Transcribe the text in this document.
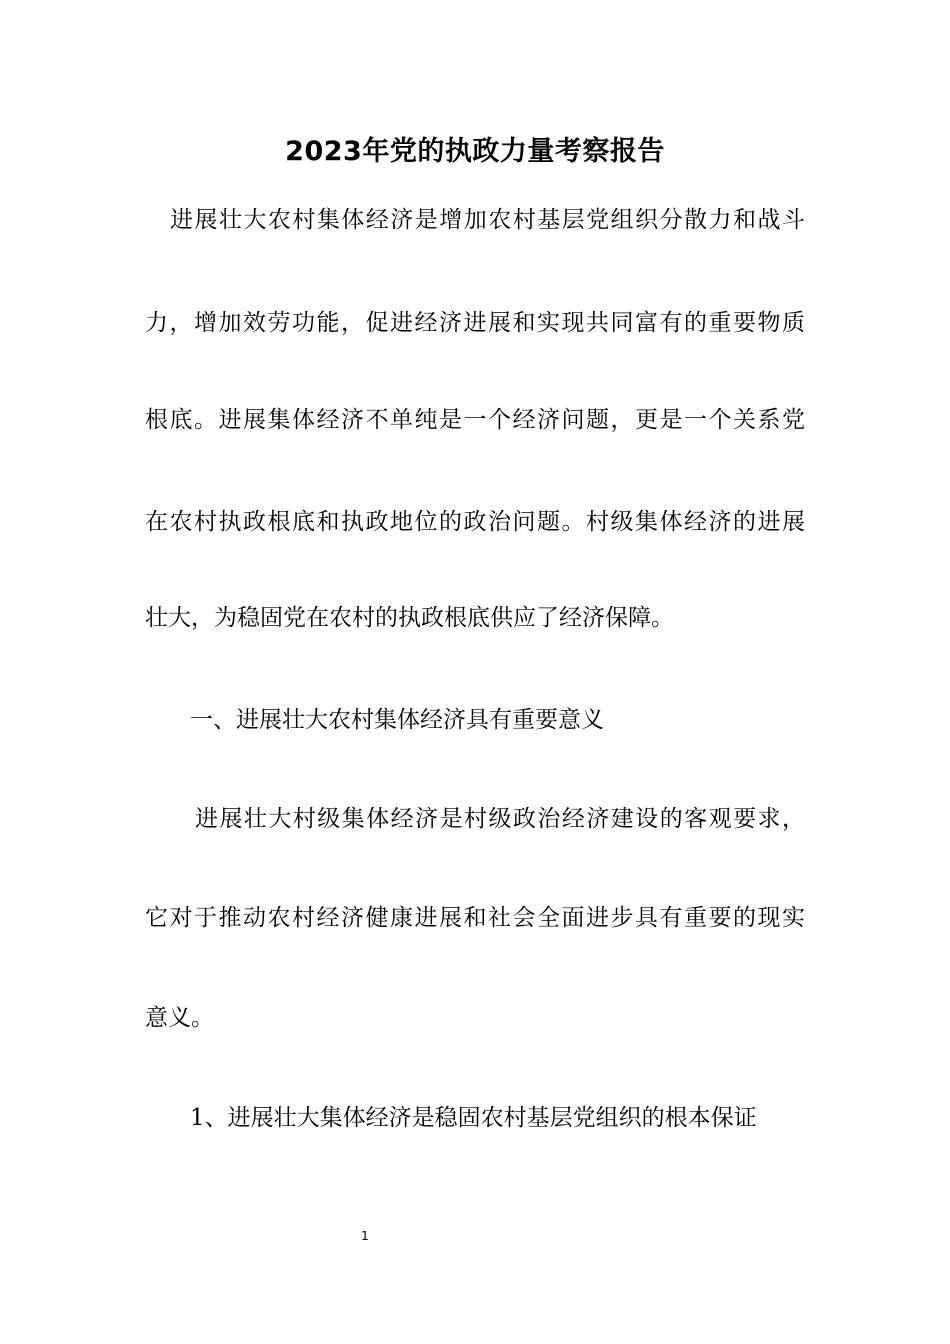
2023年党的执政力量考察报告
进展壮大农村集体经济是增加农村基层党组织分散力和战斗
力，增加效劳功能，促进经济进展和实现共同富有的重要物质
根底。进展集体经济不单纯是一个经济问题，更是一个关系党
在农村执政根底和执政地位的政治问题。村级集体经济的进展
壮大，为稳固党在农村的执政根底供应了经济保障。
一、进展壮大农村集体经济具有重要意义
进展壮大村级集体经济是村级政治经济建设的客观要求，
它对于推动农村经济健康进展和社会全面进步具有重要的现实
意义。
1、进展壮大集体经济是稳固农村基层党组织的根本保证
1
